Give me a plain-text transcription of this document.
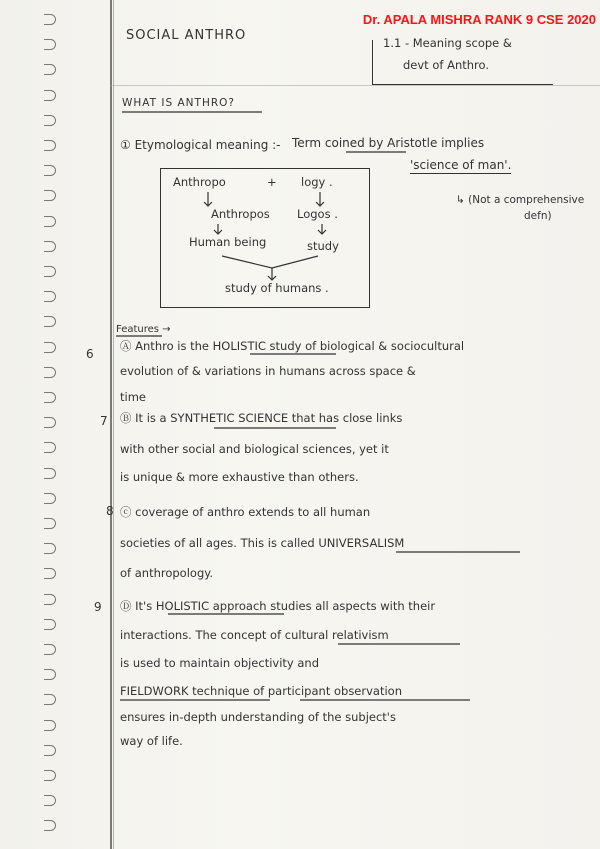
Dr. APALA MISHRA RANK 9 CSE 2020
SOCIAL ANTHRO	1.1 - Meaning scope &
devt of Anthro.
WHAT IS ANTHRO?
① Etymological meaning :- Term coined by Aristotle implies
'science of man'.
↳ (Not a comprehensive
defn)
Anthropo	+ logy .
Anthropos Logos .
Human being	study
study of humans .
Features →
6
Ⓐ Anthro is the HOLISTIC study of biological & sociocultural
evolution of & variations in humans across space &
time
7 Ⓑ It is a SYNTHETIC SCIENCE that has close links
with other social and biological sciences, yet it
is unique & more exhaustive than others.
8 ⓒ coverage of anthro extends to all human
societies of all ages. This is called UNIVERSALISM
of anthropology.
9 Ⓓ It's HOLISTIC approach studies all aspects with their
interactions. The concept of cultural relativism
is used to maintain objectivity and
FIELDWORK technique of participant observation
ensures in-depth understanding of the subject's
way of life.
